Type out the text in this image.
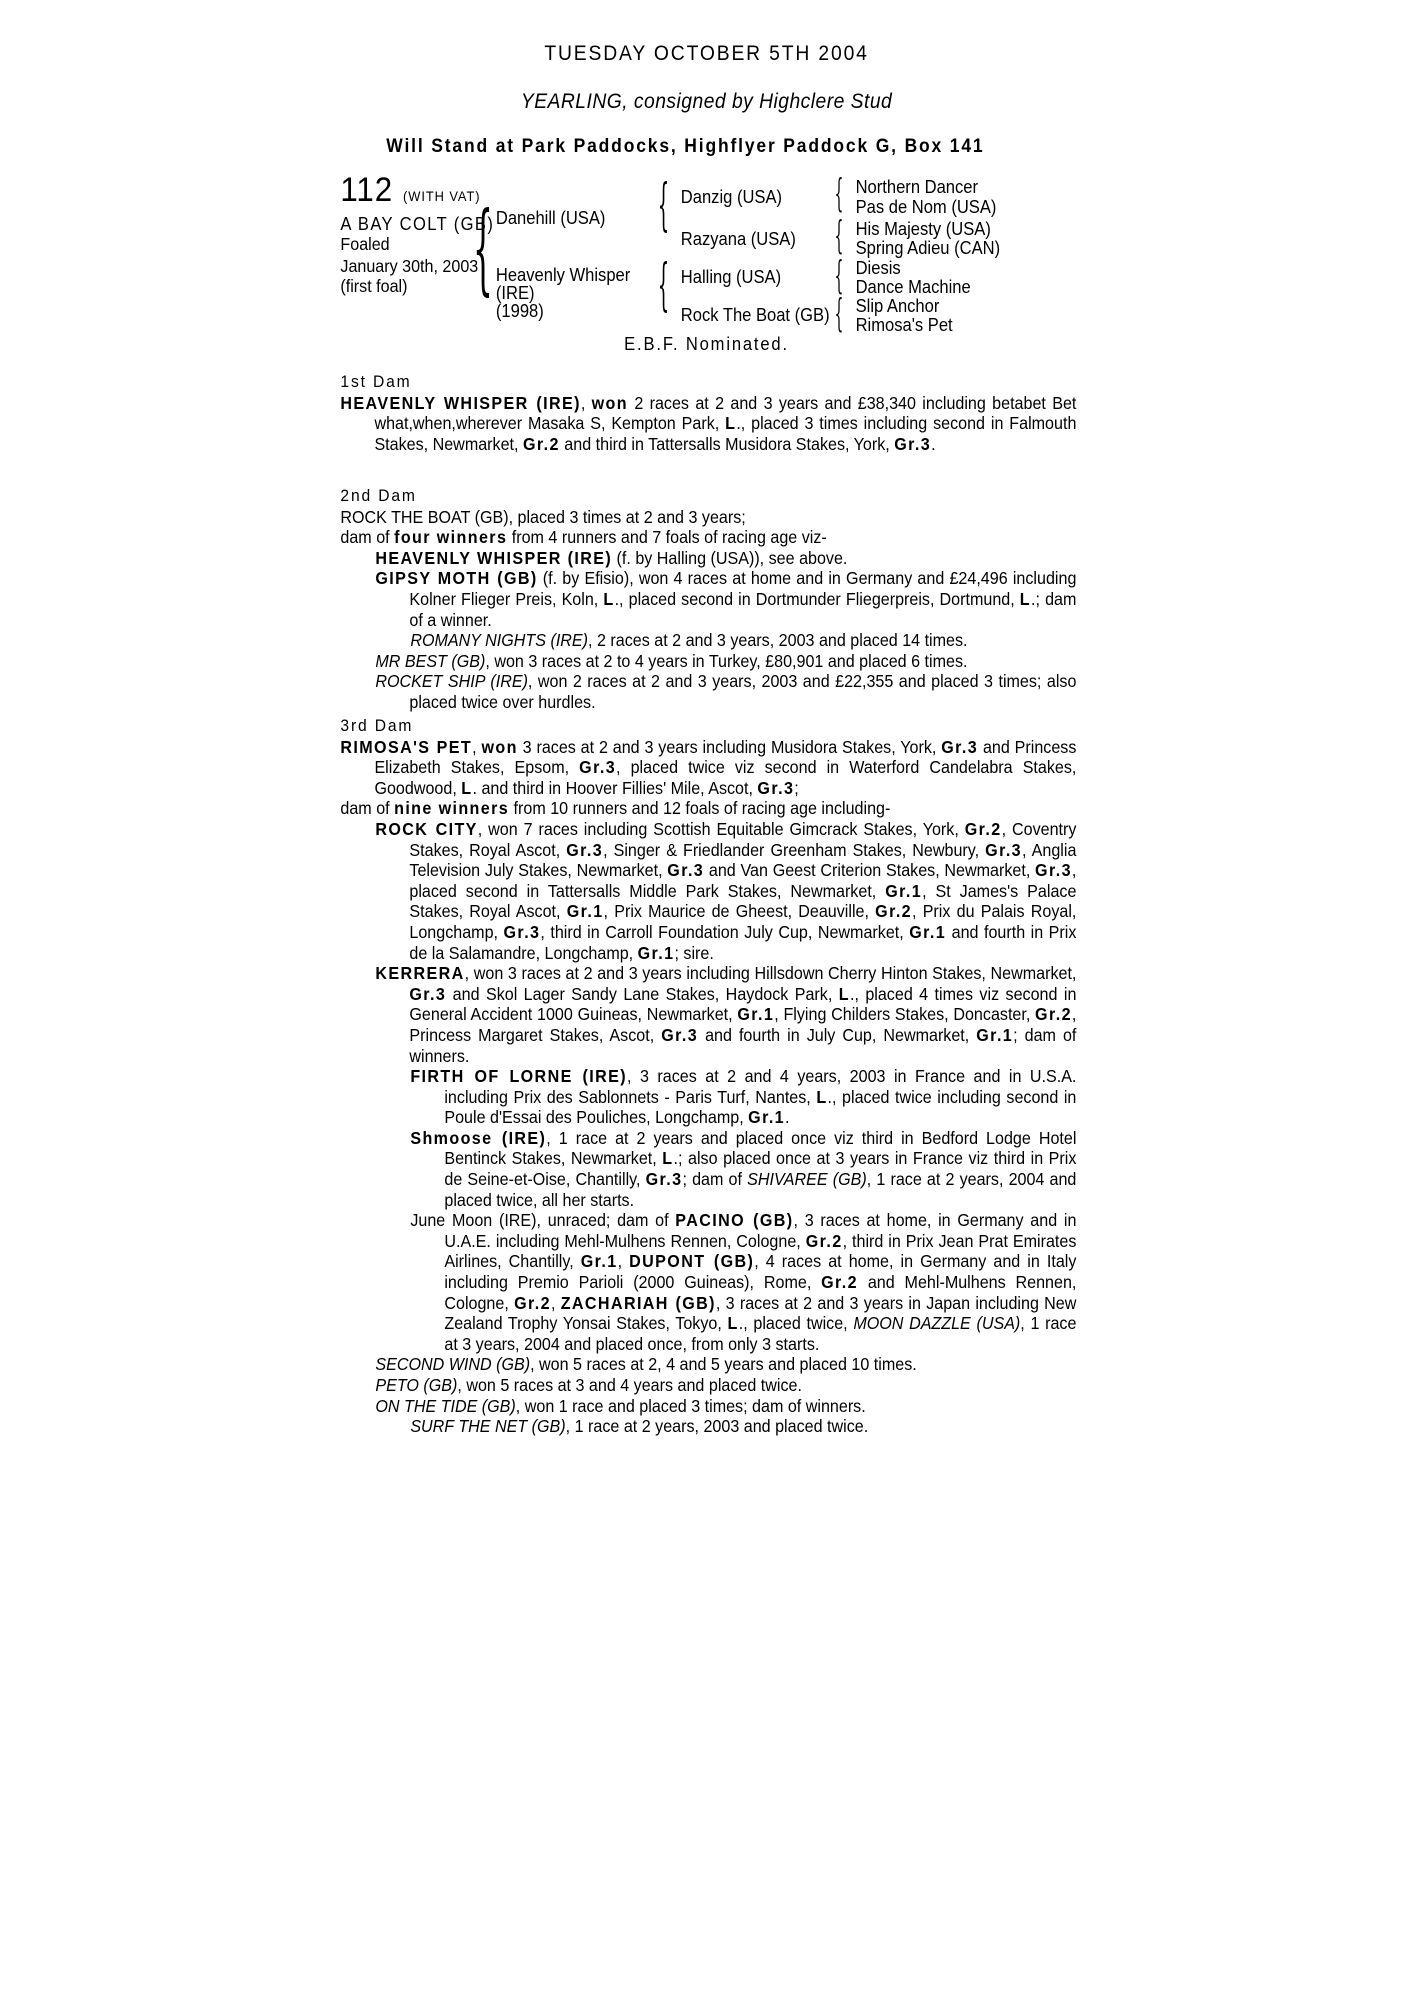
TUESDAY OCTOBER 5TH 2004
YEARLING, consigned by Highclere Stud
Will Stand at Park Paddocks, Highflyer Paddock G, Box 141
112 (WITH VAT)
A BAY COLT (GB)
Foaled
January 30th, 2003
(first foal) { Danehill (USA)
Heavenly Whisper
(IRE)
(1998)
{
{
Danzig (USA)
Razyana (USA)
Halling (USA)
Rock The Boat (GB)
{
{
{
{
Northern Dancer
Pas de Nom (USA)
His Majesty (USA)
Spring Adieu (CAN)
Diesis
Dance Machine
Slip Anchor
Rimosa's Pet
E.B.F. Nominated.
1st Dam
HEAVENLY WHISPER (IRE), won 2 races at 2 and 3 years and £38,340 including betabet Bet what,when,wherever Masaka S, Kempton Park, L., placed 3 times including second in Falmouth Stakes, Newmarket, Gr.2 and third in Tattersalls Musidora Stakes, York, Gr.3.
2nd Dam
ROCK THE BOAT (GB), placed 3 times at 2 and 3 years;
dam of four winners from 4 runners and 7 foals of racing age viz-
HEAVENLY WHISPER (IRE) (f. by Halling (USA)), see above.
GIPSY MOTH (GB) (f. by Efisio), won 4 races at home and in Germany and £24,496 including Kolner Flieger Preis, Koln, L., placed second in Dortmunder Fliegerpreis, Dortmund, L.; dam of a winner.
ROMANY NIGHTS (IRE), 2 races at 2 and 3 years, 2003 and placed 14 times.
MR BEST (GB), won 3 races at 2 to 4 years in Turkey, £80,901 and placed 6 times.
ROCKET SHIP (IRE), won 2 races at 2 and 3 years, 2003 and £22,355 and placed 3 times; also placed twice over hurdles.
3rd Dam
RIMOSA'S PET, won 3 races at 2 and 3 years including Musidora Stakes, York, Gr.3 and Princess Elizabeth Stakes, Epsom, Gr.3, placed twice viz second in Waterford Candelabra Stakes, Goodwood, L. and third in Hoover Fillies' Mile, Ascot, Gr.3;
dam of nine winners from 10 runners and 12 foals of racing age including-
ROCK CITY, won 7 races including Scottish Equitable Gimcrack Stakes, York, Gr.2, Coventry Stakes, Royal Ascot, Gr.3, Singer & Friedlander Greenham Stakes, Newbury, Gr.3, Anglia Television July Stakes, Newmarket, Gr.3 and Van Geest Criterion Stakes, Newmarket, Gr.3, placed second in Tattersalls Middle Park Stakes, Newmarket, Gr.1, St James's Palace Stakes, Royal Ascot, Gr.1, Prix Maurice de Gheest, Deauville, Gr.2, Prix du Palais Royal, Longchamp, Gr.3, third in Carroll Foundation July Cup, Newmarket, Gr.1 and fourth in Prix de la Salamandre, Longchamp, Gr.1; sire.
KERRERA, won 3 races at 2 and 3 years including Hillsdown Cherry Hinton Stakes, Newmarket, Gr.3 and Skol Lager Sandy Lane Stakes, Haydock Park, L., placed 4 times viz second in General Accident 1000 Guineas, Newmarket, Gr.1, Flying Childers Stakes, Doncaster, Gr.2, Princess Margaret Stakes, Ascot, Gr.3 and fourth in July Cup, Newmarket, Gr.1; dam of winners.
FIRTH OF LORNE (IRE), 3 races at 2 and 4 years, 2003 in France and in U.S.A. including Prix des Sablonnets - Paris Turf, Nantes, L., placed twice including second in Poule d'Essai des Pouliches, Longchamp, Gr.1.
Shmoose (IRE), 1 race at 2 years and placed once viz third in Bedford Lodge Hotel Bentinck Stakes, Newmarket, L.; also placed once at 3 years in France viz third in Prix de Seine-et-Oise, Chantilly, Gr.3; dam of SHIVAREE (GB), 1 race at 2 years, 2004 and placed twice, all her starts.
June Moon (IRE), unraced; dam of PACINO (GB), 3 races at home, in Germany and in U.A.E. including Mehl-Mulhens Rennen, Cologne, Gr.2, third in Prix Jean Prat Emirates Airlines, Chantilly, Gr.1, DUPONT (GB), 4 races at home, in Germany and in Italy including Premio Parioli (2000 Guineas), Rome, Gr.2 and Mehl-Mulhens Rennen, Cologne, Gr.2, ZACHARIAH (GB), 3 races at 2 and 3 years in Japan including New Zealand Trophy Yonsai Stakes, Tokyo, L., placed twice, MOON DAZZLE (USA), 1 race at 3 years, 2004 and placed once, from only 3 starts.
SECOND WIND (GB), won 5 races at 2, 4 and 5 years and placed 10 times.
PETO (GB), won 5 races at 3 and 4 years and placed twice.
ON THE TIDE (GB), won 1 race and placed 3 times; dam of winners.
SURF THE NET (GB), 1 race at 2 years, 2003 and placed twice.
